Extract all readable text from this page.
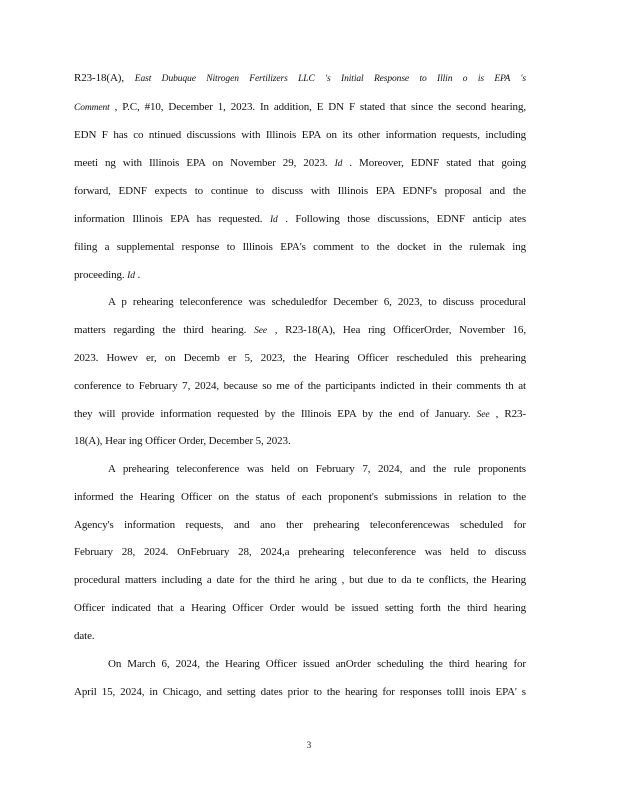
R23-18(A), East Dubuque Nitrogen Fertilizers LLC 's Initial Response to Illin o is EPA 's
Comment , P.C, #10, December 1, 2023. In addition, E DN F stated that since the second hearing,
EDN F has co ntinued discussions with Illinois EPA on its other information requests, including
meeti ng with Illinois EPA on November 29, 2023. Id . Moreover, EDNF stated that going
forward, EDNF expects to continue to discuss with Illinois EPA EDNF's proposal and the
information Illinois EPA has requested. Id . Following those discussions, EDNF anticip ates
filing a supplemental response to Illinois EPA's comment to the docket in the rulemak ing
proceeding. Id .
A p rehearing teleconference was scheduledfor December 6, 2023, to discuss procedural
matters regarding the third hearing. See , R23-18(A), Hea ring OfficerOrder, November 16,
2023. Howev er, on Decemb er 5, 2023, the Hearing Officer rescheduled this prehearing
conference to February 7, 2024, because so me of the participants indicted in their comments th at
they will provide information requested by the Illinois EPA by the end of January. See , R23-
18(A), Hear ing Officer Order, December 5, 2023.
A prehearing teleconference was held on February 7, 2024, and the rule proponents
informed the Hearing Officer on the status of each proponent's submissions in relation to the
Agency's information requests, and ano ther prehearing teleconferencewas scheduled for
February 28, 2024. OnFebruary 28, 2024,a prehearing teleconference was held to discuss
procedural matters including a date for the third he aring , but due to da te conflicts, the Hearing
Officer indicated that a Hearing Officer Order would be issued setting forth the third hearing
date.
On March 6, 2024, the Hearing Officer issued anOrder scheduling the third hearing for
April 15, 2024, in Chicago, and setting dates prior to the hearing for responses toIll inois EPA' s
3
